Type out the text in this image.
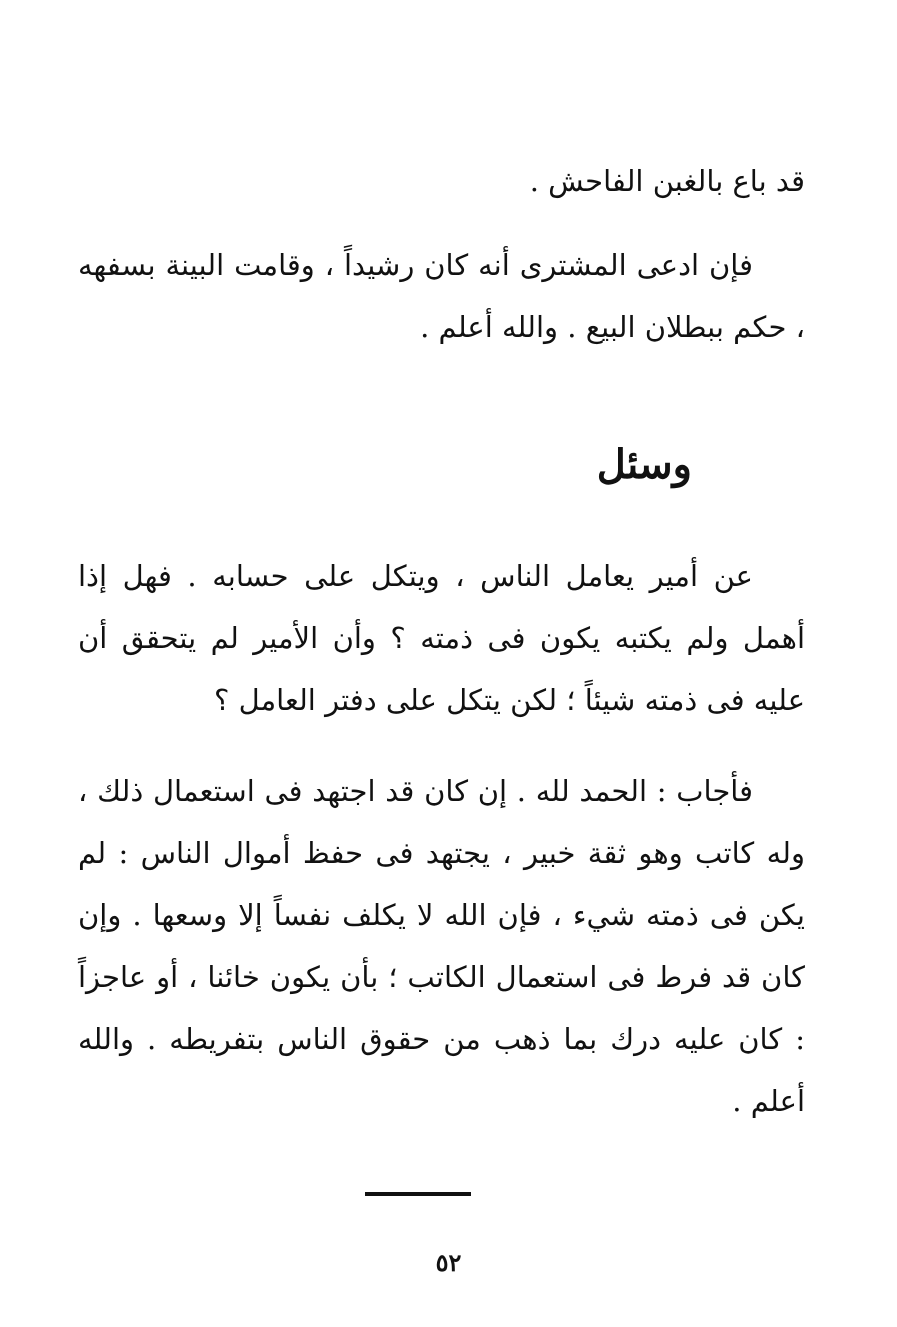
قد باع بالغبن الفاحش .

فإن ادعى المشترى أنه كان رشيداً ، وقامت البينة بسفهه ، حكم ببطلان البيع . والله أعلم .

وسئل

عن أمير يعامل الناس ، ويتكل على حسابه . فهل إذا أهمل ولم يكتبه يكون فى ذمته ؟ وأن الأمير لم يتحقق أن عليه فى ذمته شيئاً ؛ لكن يتكل على دفتر العامل ؟

فأجاب : الحمد لله . إن كان قد اجتهد فى استعمال ذلك ، وله كاتب وهو ثقة خبير ، يجتهد فى حفظ أموال الناس : لم يكن فى ذمته شيء ، فإن الله لا يكلف نفساً إلا وسعها . وإن كان قد فرط فى استعمال الكاتب ؛ بأن يكون خائنا ، أو عاجزاً : كان عليه درك بما ذهب من حقوق الناس بتفريطه . والله أعلم .

٥٢
